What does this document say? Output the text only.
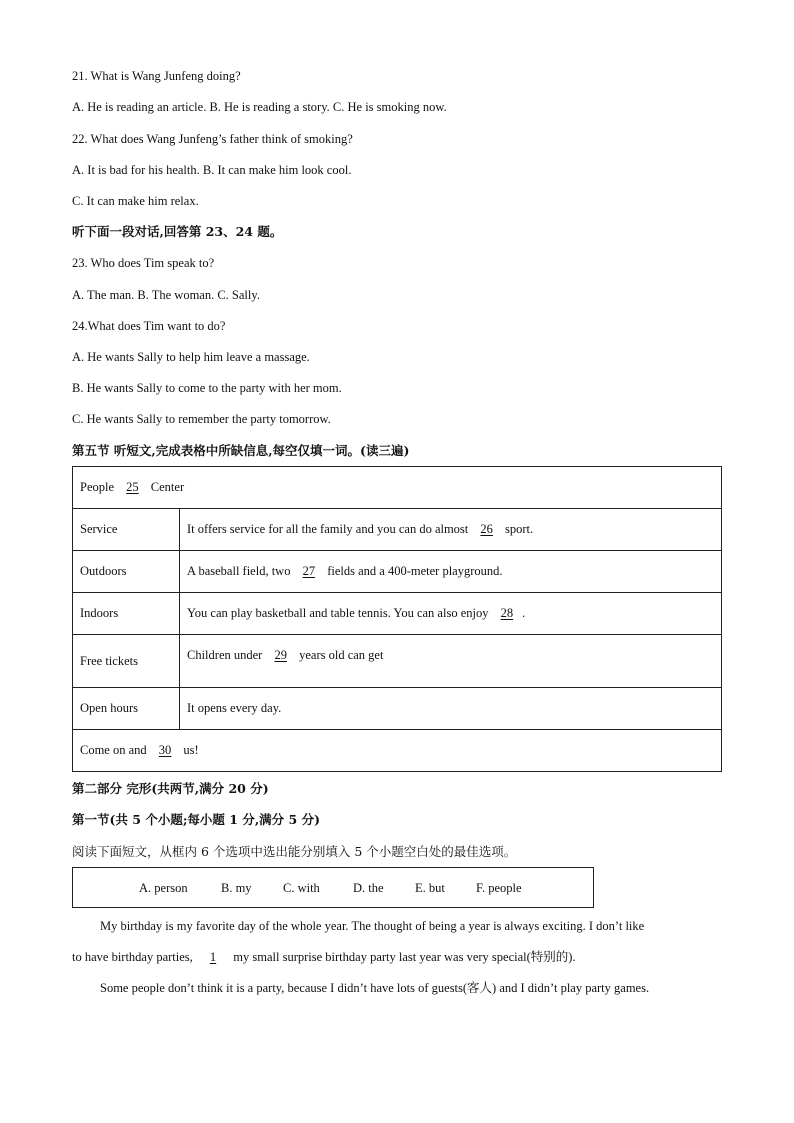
21. What is Wang Junfeng doing?
A. He is reading an article. B. He is reading a story. C. He is smoking now.
22. What does Wang Junfeng’s father think of smoking?
A. It is bad for his health. B. It can make him look cool.
C. It can make him relax.
听下面一段对话,回答第 23、24 题。
23. Who does Tim speak to?
A. The man. B. The woman. C. Sally.
24.What does Tim want to do?
A. He wants Sally to help him leave a massage.
B. He wants Sally to come to the party with her mom.
C. He wants Sally to remember the party tomorrow.
第五节 听短文,完成表格中所缺信息,每空仅填一词。(读三遍)
People 25 Center	
Service	It offers service for all the family and you can do almost 26 sport.
Outdoors	A baseball field, two 27 fields and a 400-meter playground.
Indoors	You can play basketball and table tennis. You can also enjoy 28 .
Free tickets	Children under 29 years old can get
Open hours	It opens every day.
Come on and 30 us!	
第二部分 完形(共两节,满分 20 分)
第一节(共 5 个小题;每小题 1 分,满分 5 分)
阅读下面短文，从框内 6 个选项中选出能分别填入 5 个小题空白处的最佳选项。
A. person	B. my	C. with	D. the	E. but F. people
My birthday is my favorite day of the whole year. The thought of being a year is always exciting. I don’t like
to have birthday parties, 1 my small surprise birthday party last year was very special(特别的).
Some people don’t think it is a party, because I didn’t have lots of guests(客人) and I didn’t play party games.
